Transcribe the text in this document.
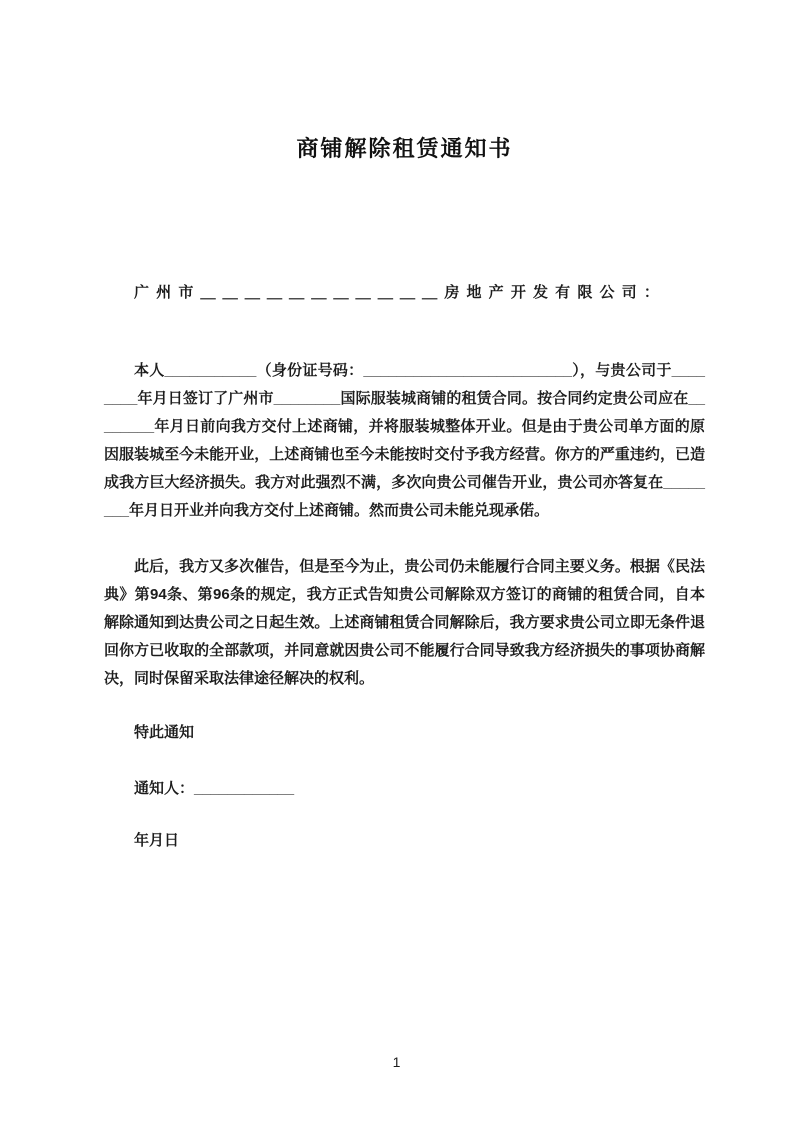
商铺解除租赁通知书

广 州 市 ＿ ＿ ＿ ＿ ＿ ＿ ＿ ＿ ＿ ＿ ＿ 房 地 产 开 发 有 限 公 司 ：

本人___________（身份证号码：_________________________），与贵公司于________年月日签订了广州市________国际服装城商铺的租赁合同。按合同约定贵公司应在________年月日前向我方交付上述商铺，并将服装城整体开业。但是由于贵公司单方面的原因服装城至今未能开业，上述商铺也至今未能按时交付予我方经营。你方的严重违约，已造成我方巨大经济损失。我方对此强烈不满，多次向贵公司催告开业，贵公司亦答复在________年月日开业并向我方交付上述商铺。然而贵公司未能兑现承偌。

此后，我方又多次催告，但是至今为止，贵公司仍未能履行合同主要义务。根据《民法典》第94条、第96条的规定，我方正式告知贵公司解除双方签订的商铺的租赁合同，自本解除通知到达贵公司之日起生效。上述商铺租赁合同解除后，我方要求贵公司立即无条件退回你方已收取的全部款项，并同意就因贵公司不能履行合同导致我方经济损失的事项协商解决，同时保留采取法律途径解决的权利。

特此通知

通知人：____________

年月日

1
